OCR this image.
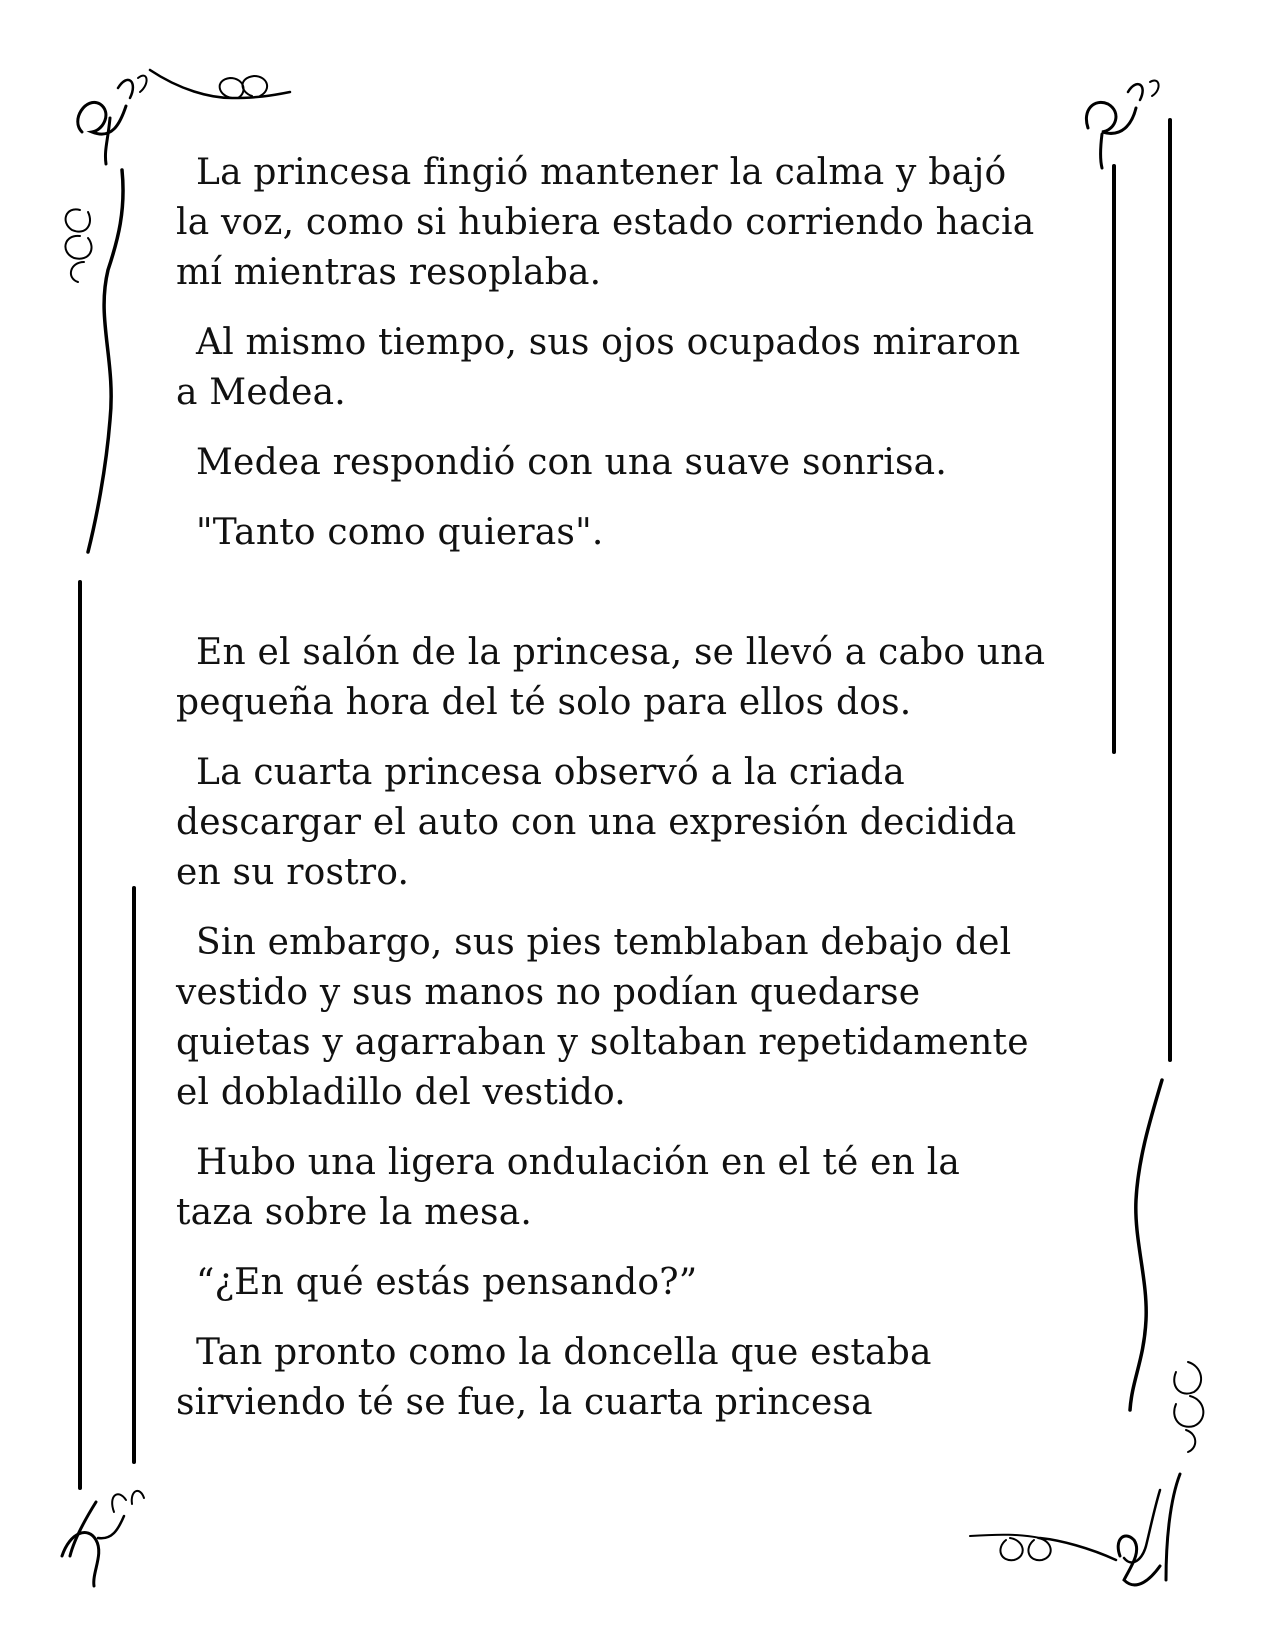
La princesa fingió mantener la calma y bajó
la voz, como si hubiera estado corriendo hacia
mí mientras resoplaba.

Al mismo tiempo, sus ojos ocupados miraron
a Medea.

Medea respondió con una suave sonrisa.

"Tanto como quieras".

En el salón de la princesa, se llevó a cabo una
pequeña hora del té solo para ellos dos.

La cuarta princesa observó a la criada
descargar el auto con una expresión decidida
en su rostro.

Sin embargo, sus pies temblaban debajo del
vestido y sus manos no podían quedarse
quietas y agarraban y soltaban repetidamente
el dobladillo del vestido.

Hubo una ligera ondulación en el té en la
taza sobre la mesa.

“¿En qué estás pensando?”

Tan pronto como la doncella que estaba
sirviendo té se fue, la cuarta princesa
